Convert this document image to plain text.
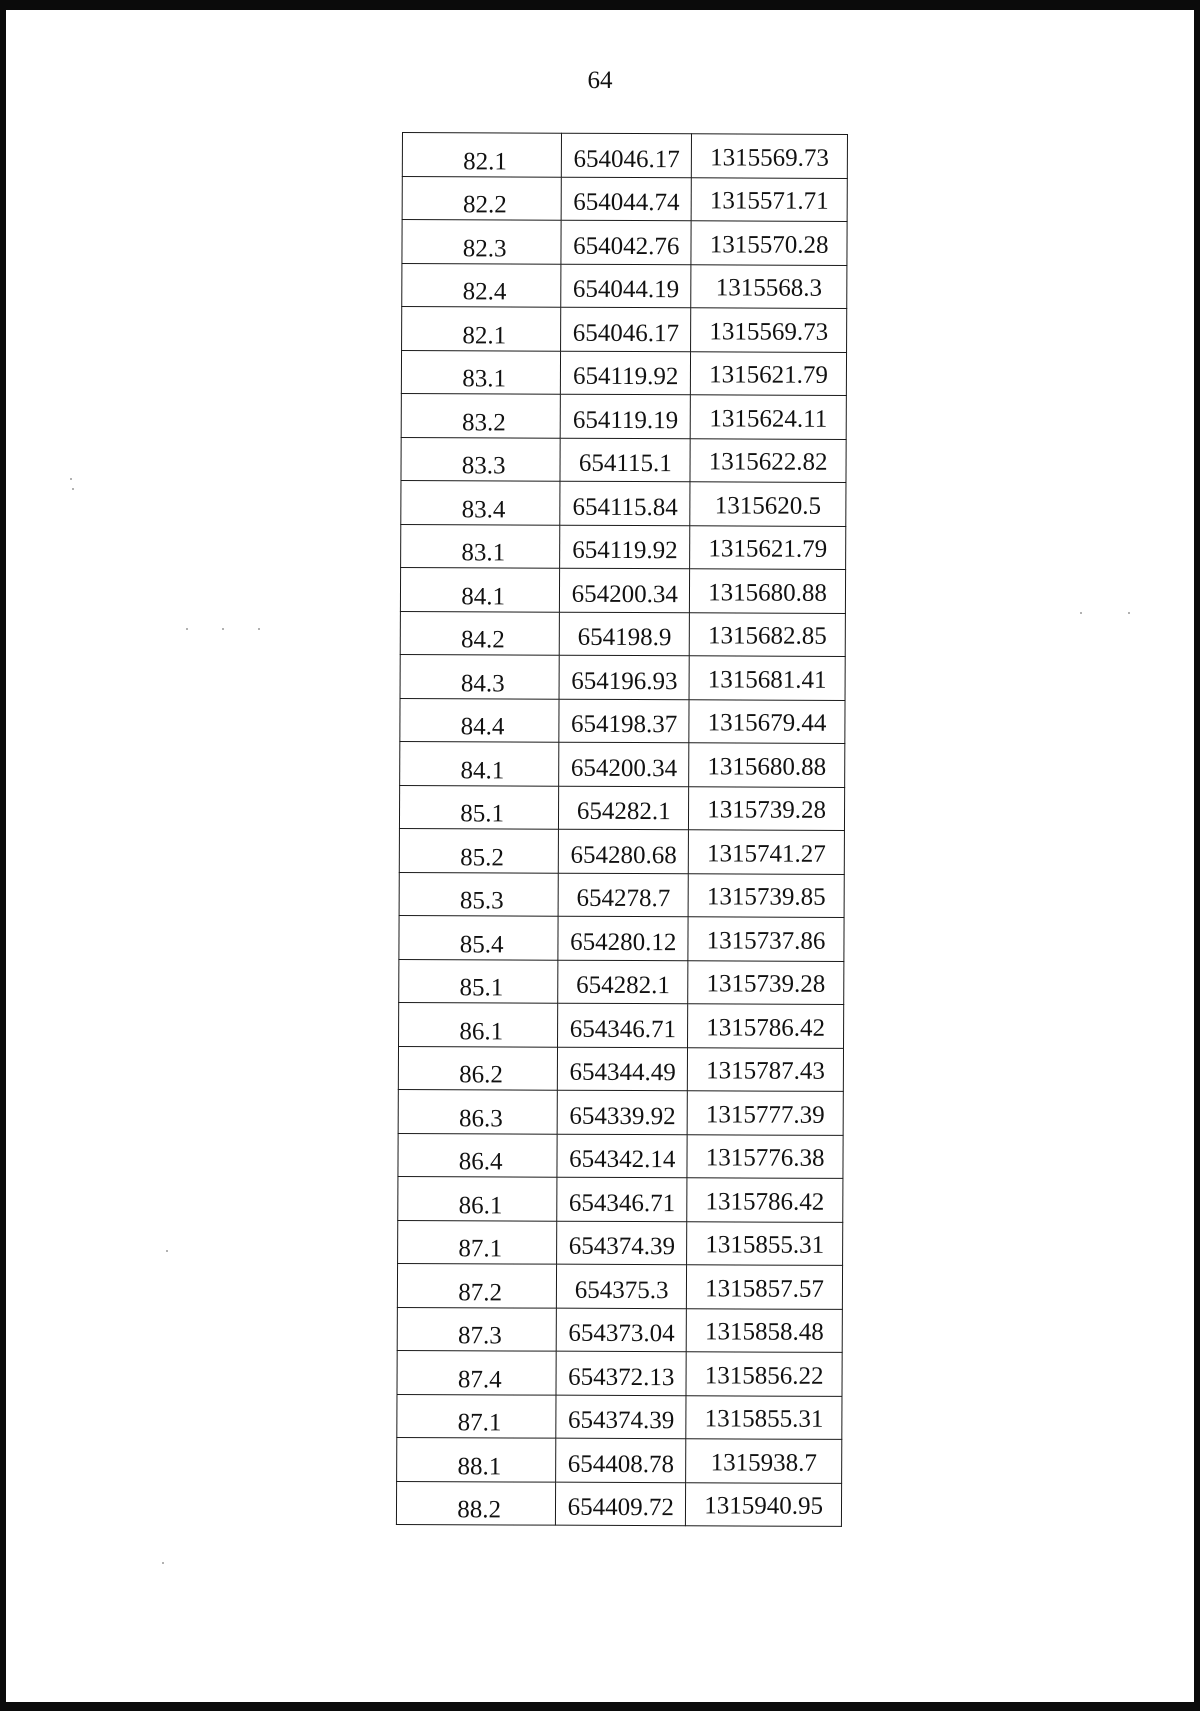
64
82.1	654046.17	1315569.73
82.2	654044.74	1315571.71
82.3	654042.76	1315570.28
82.4	654044.19	1315568.3
82.1	654046.17	1315569.73
83.1	654119.92	1315621.79
83.2	654119.19	1315624.11
83.3	654115.1	1315622.82
83.4	654115.84	1315620.5
83.1	654119.92	1315621.79
84.1	654200.34	1315680.88
84.2	654198.9	1315682.85
84.3	654196.93	1315681.41
84.4	654198.37	1315679.44
84.1	654200.34	1315680.88
85.1	654282.1	1315739.28
85.2	654280.68	1315741.27
85.3	654278.7	1315739.85
85.4	654280.12	1315737.86
85.1	654282.1	1315739.28
86.1	654346.71	1315786.42
86.2	654344.49	1315787.43
86.3	654339.92	1315777.39
86.4	654342.14	1315776.38
86.1	654346.71	1315786.42
87.1	654374.39	1315855.31
87.2	654375.3	1315857.57
87.3	654373.04	1315858.48
87.4	654372.13	1315856.22
87.1	654374.39	1315855.31
88.1	654408.78	1315938.7
88.2	654409.72	1315940.95
